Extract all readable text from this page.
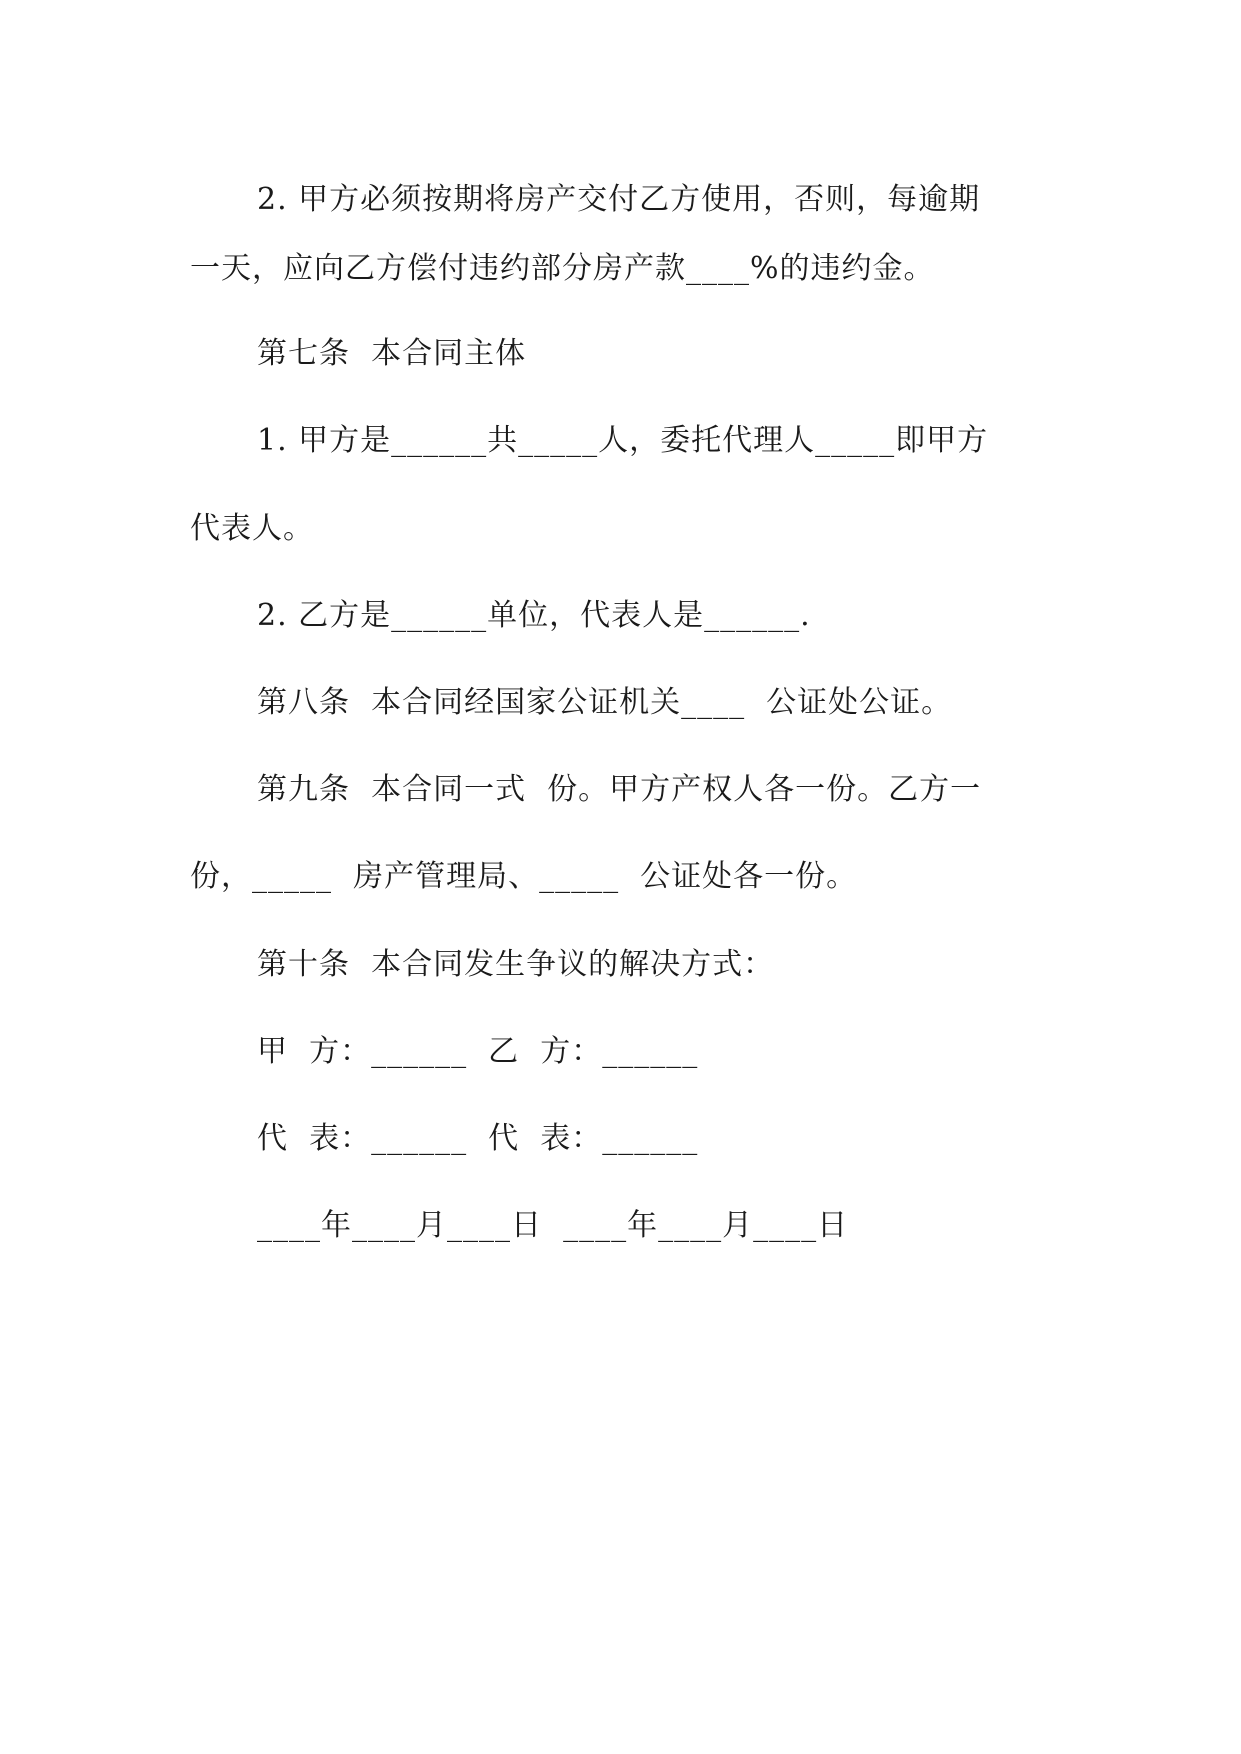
2. 甲方必须按期将房产交付乙方使用，否则，每逾期
一天，应向乙方偿付违约部分房产款____%的违约金。
第七条  本合同主体
1. 甲方是______共_____人，委托代理人_____即甲方
代表人。
2. 乙方是______单位，代表人是______.
第八条  本合同经国家公证机关____  公证处公证。
第九条  本合同一式  份。甲方产权人各一份。乙方一
份，_____  房产管理局、_____  公证处各一份。
第十条  本合同发生争议的解决方式：
甲  方：______  乙  方：______
代  表：______  代  表：______
____年____月____日  ____年____月____日
